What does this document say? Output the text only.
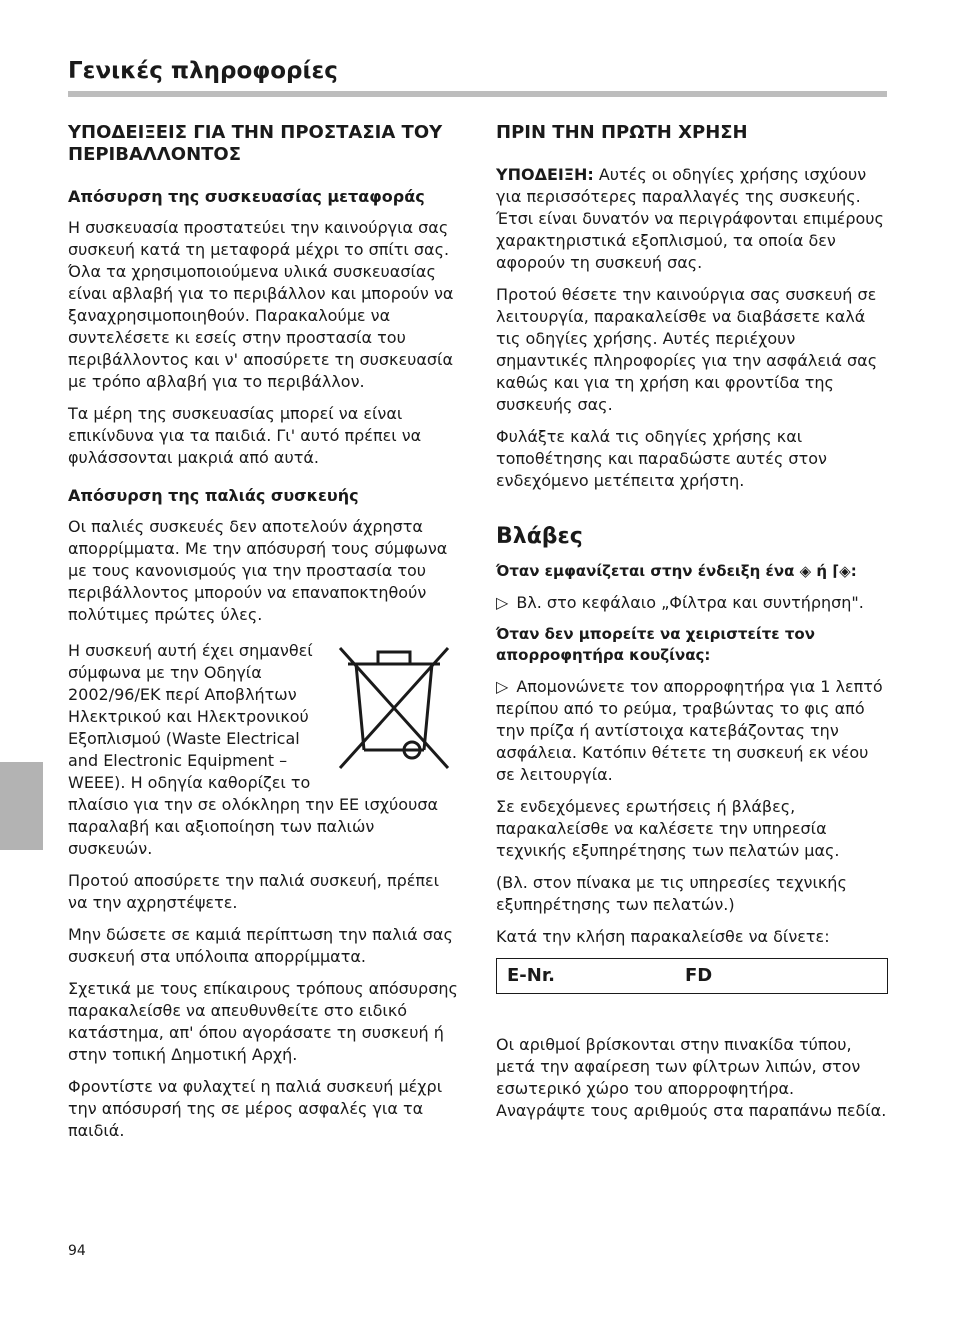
Γενικές πληροφορίες
ΥΠΟΔΕΙΞΕΙΣ ΓΙΑ ΤΗΝ ΠΡΟΣΤΑΣΙΑ ΤΟΥ ΠΕΡΙΒΑΛΛΟΝΤΟΣ
Απόσυρση της συσκευασίας μεταφοράς
Η συσκευασία προστατεύει την καινούργια σας συσκευή κατά τη μεταφορά μέχρι το σπίτι σας. Όλα τα χρησιμοποιούμενα υλικά συσκευασίας είναι αβλαβή για το περιβάλλον και μπορούν να ξαναχρησιμοποιηθούν. Παρακαλούμε να συντελέσετε κι εσείς στην προστασία του περιβάλλοντος και ν' αποσύρετε τη συσκευασία με τρόπο αβλαβή για το περιβάλλον.
Τα μέρη της συσκευασίας μπορεί να είναι επικίνδυνα για τα παιδιά. Γι' αυτό πρέπει να φυλάσσονται μακριά από αυτά.
Απόσυρση της παλιάς συσκευής
Οι παλιές συσκευές δεν αποτελούν άχρηστα απορρίμματα. Με την απόσυρσή τους σύμφωνα με τους κανονισμούς για την προστασία του περιβάλλοντος μπορούν να επαναποκτηθούν πολύτιμες πρώτες ύλες.
Η συσκευή αυτή έχει σημανθεί σύμφωνα με την Οδηγία 2002/96/ΕΚ περί Αποβλήτων Ηλεκτρικού και Ηλεκτρονικού Εξοπλισμού (Waste Electrical and Electronic Equipment – WEEE). Η οδηγία καθορίζει το πλαίσιο για την σε ολόκληρη την ΕΕ ισχύουσα παραλαβή και αξιοποίηση των παλιών συσκευών.
Προτού αποσύρετε την παλιά συσκευή, πρέπει να την αχρηστέψετε.
Μην δώσετε σε καμιά περίπτωση την παλιά σας συσκευή στα υπόλοιπα απορρίμματα.
Σχετικά με τους επίκαιρους τρόπους απόσυρσης παρακαλείσθε να απευθυνθείτε στο ειδικό κατάστημα, απ' όπου αγοράσατε τη συσκευή ή στην τοπική Δημοτική Αρχή.
Φροντίστε να φυλαχτεί η παλιά συσκευή μέχρι την απόσυρσή της σε μέρος ασφαλές για τα παιδιά.
ΠΡΙΝ ΤΗΝ ΠΡΩΤΗ ΧΡΗΣΗ
ΥΠΟΔΕΙΞΗ: Αυτές οι οδηγίες χρήσης ισχύουν για περισσότερες παραλλαγές της συσκευής. Έτσι είναι δυνατόν να περιγράφονται επιμέρους χαρακτηριστικά εξοπλισμού, τα οποία δεν αφορούν τη συσκευή σας.
Προτού θέσετε την καινούργια σας συσκευή σε λειτουργία, παρακαλείσθε να διαβάσετε καλά τις οδηγίες χρήσης. Αυτές περιέχουν σημαντικές πληροφορίες για την ασφάλειά σας καθώς και για τη χρήση και φροντίδα της συσκευής σας.
Φυλάξτε καλά τις οδηγίες χρήσης και τοποθέτησης και παραδώστε αυτές στον ενδεχόμενο μετέπειτα χρήστη.
Βλάβες
Όταν εμφανίζεται στην ένδειξη ένα ◈ ή ⌈◈:
▷ Βλ. στο κεφάλαιο „Φίλτρα και συντήρηση".
Όταν δεν μπορείτε να χειριστείτε τον απορροφητήρα κουζίνας:
▷ Απομονώνετε τον απορροφητήρα για 1 λεπτό περίπου από το ρεύμα, τραβώντας το φις από την πρίζα ή αντίστοιχα κατεβάζοντας την ασφάλεια. Κατόπιν θέτετε τη συσκευή εκ νέου σε λειτουργία.
Σε ενδεχόμενες ερωτήσεις ή βλάβες, παρακαλείσθε να καλέσετε την υπηρεσία τεχνικής εξυπηρέτησης των πελατών μας.
(Βλ. στον πίνακα με τις υπηρεσίες τεχνικής εξυπηρέτησης των πελατών.)
Κατά την κλήση παρακαλείσθε να δίνετε:
E-Nr.	FD
Οι αριθμοί βρίσκονται στην πινακίδα τύπου, μετά την αφαίρεση των φίλτρων λιπών, στον εσωτερικό χώρο του απορροφητήρα. Αναγράψτε τους αριθμούς στα παραπάνω πεδία.
94
